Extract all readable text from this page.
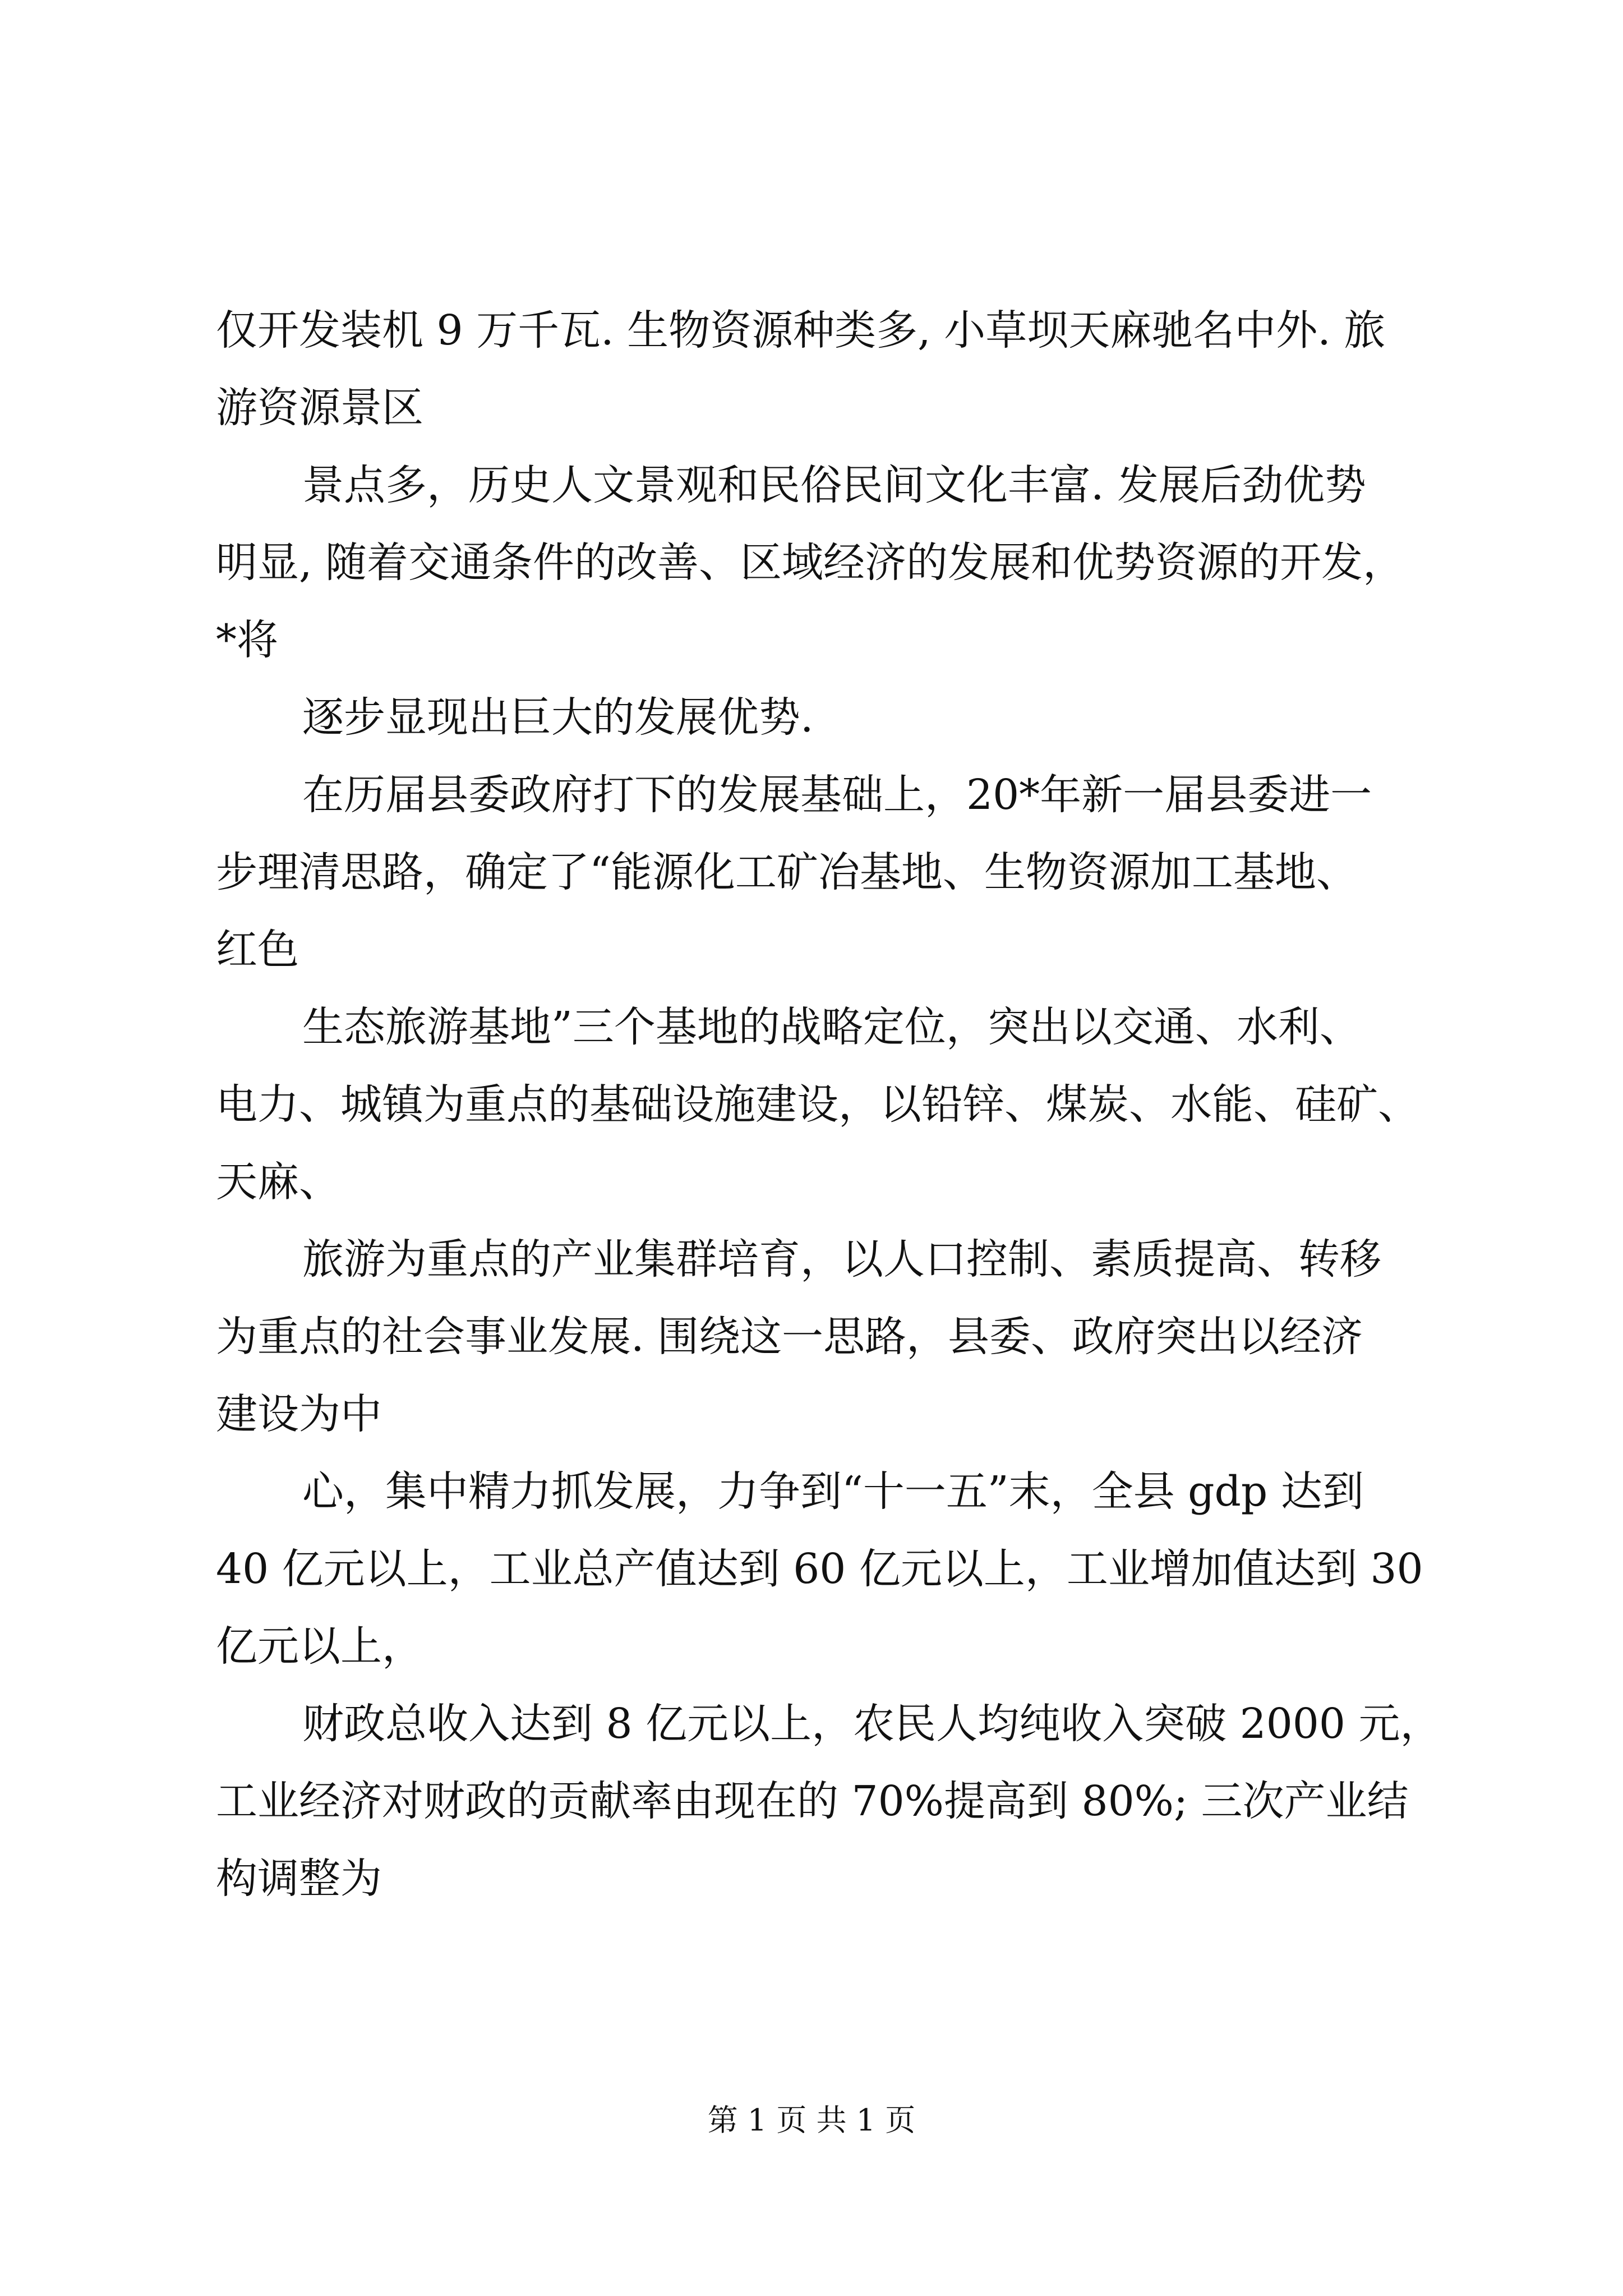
仅开发装机 9 万千瓦. 生物资源种类多, 小草坝天麻驰名中外. 旅
游资源景区

景点多，历史人文景观和民俗民间文化丰富. 发展后劲优势
明显, 随着交通条件的改善、区域经济的发展和优势资源的开发，
*将

逐步显现出巨大的发展优势.

在历届县委政府打下的发展基础上，20*年新一届县委进一
步理清思路，确定了“能源化工矿冶基地、生物资源加工基地、
红色

生态旅游基地”三个基地的战略定位，突出以交通、水利、
电力、城镇为重点的基础设施建设，以铅锌、煤炭、水能、硅矿、
天麻、

旅游为重点的产业集群培育，以人口控制、素质提高、转移
为重点的社会事业发展. 围绕这一思路，县委、政府突出以经济
建设为中

心，集中精力抓发展，力争到“十一五”末，全县 gdp 达到
40 亿元以上，工业总产值达到 60 亿元以上，工业增加值达到 30
亿元以上，

财政总收入达到 8 亿元以上，农民人均纯收入突破 2000 元，
工业经济对财政的贡献率由现在的 70%提高到 80%; 三次产业结
构调整为

第 1 页 共 1 页
